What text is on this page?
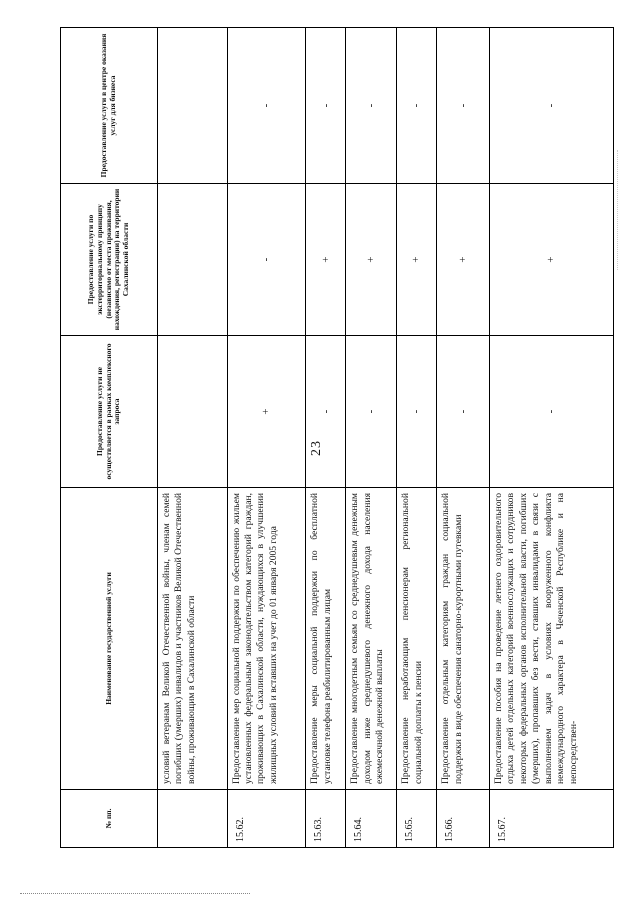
23
№ пп.	Наименование государственной услуги	Предоставление услуги не осуществляется в рамках комплексного запроса	Предоставление услуги по экстерриториальному принципу (независимо от места проживания, нахождения, регистрации) на территории Сахалинской области	Предоставление услуги в центре оказания услуг для бизнеса
	условий ветеранам Великой Отечественной войны, членам семей погибших (умерших) инвалидов и участников Великой Отечественной войны, проживающим в Сахалинской области			
15.62.	Предоставление мер социальной поддержки по обеспечению жильем установленных федеральным законодательством категорий граждан, проживающих в Сахалинской области, нуждающихся в улучшении жилищных условий и вставших на учет до 01 января 2005 года	+	-	-
15.63.	Предоставление меры социальной поддержки по бесплатной установке телефона реабилитированным лицам	-	+	-
15.64.	Предоставление многодетным семьям со среднедушевым денежным доходом ниже среднедушевого денежного дохода населения ежемесячной денежной выплаты	-	+	-
15.65.	Предоставление неработающим пенсионерам региональной социальной доплаты к пенсии	-	+	-
15.66.	Предоставление отдельным категориям граждан социальной поддержки в виде обеспечения санаторно-курортными путевками	-	+	-
15.67.	Предоставление пособия на проведение летнего оздоровительного отдыха детей отдельных категорий военнослужащих и сотрудников некоторых федеральных органов исполнительной власти, погибших (умерших), пропавших без вести, ставших инвалидами в связи с выполнением задач в условиях вооруженного конфликта немеждународного характера в Чеченской Республике и на непосредствен-	-	+	-
